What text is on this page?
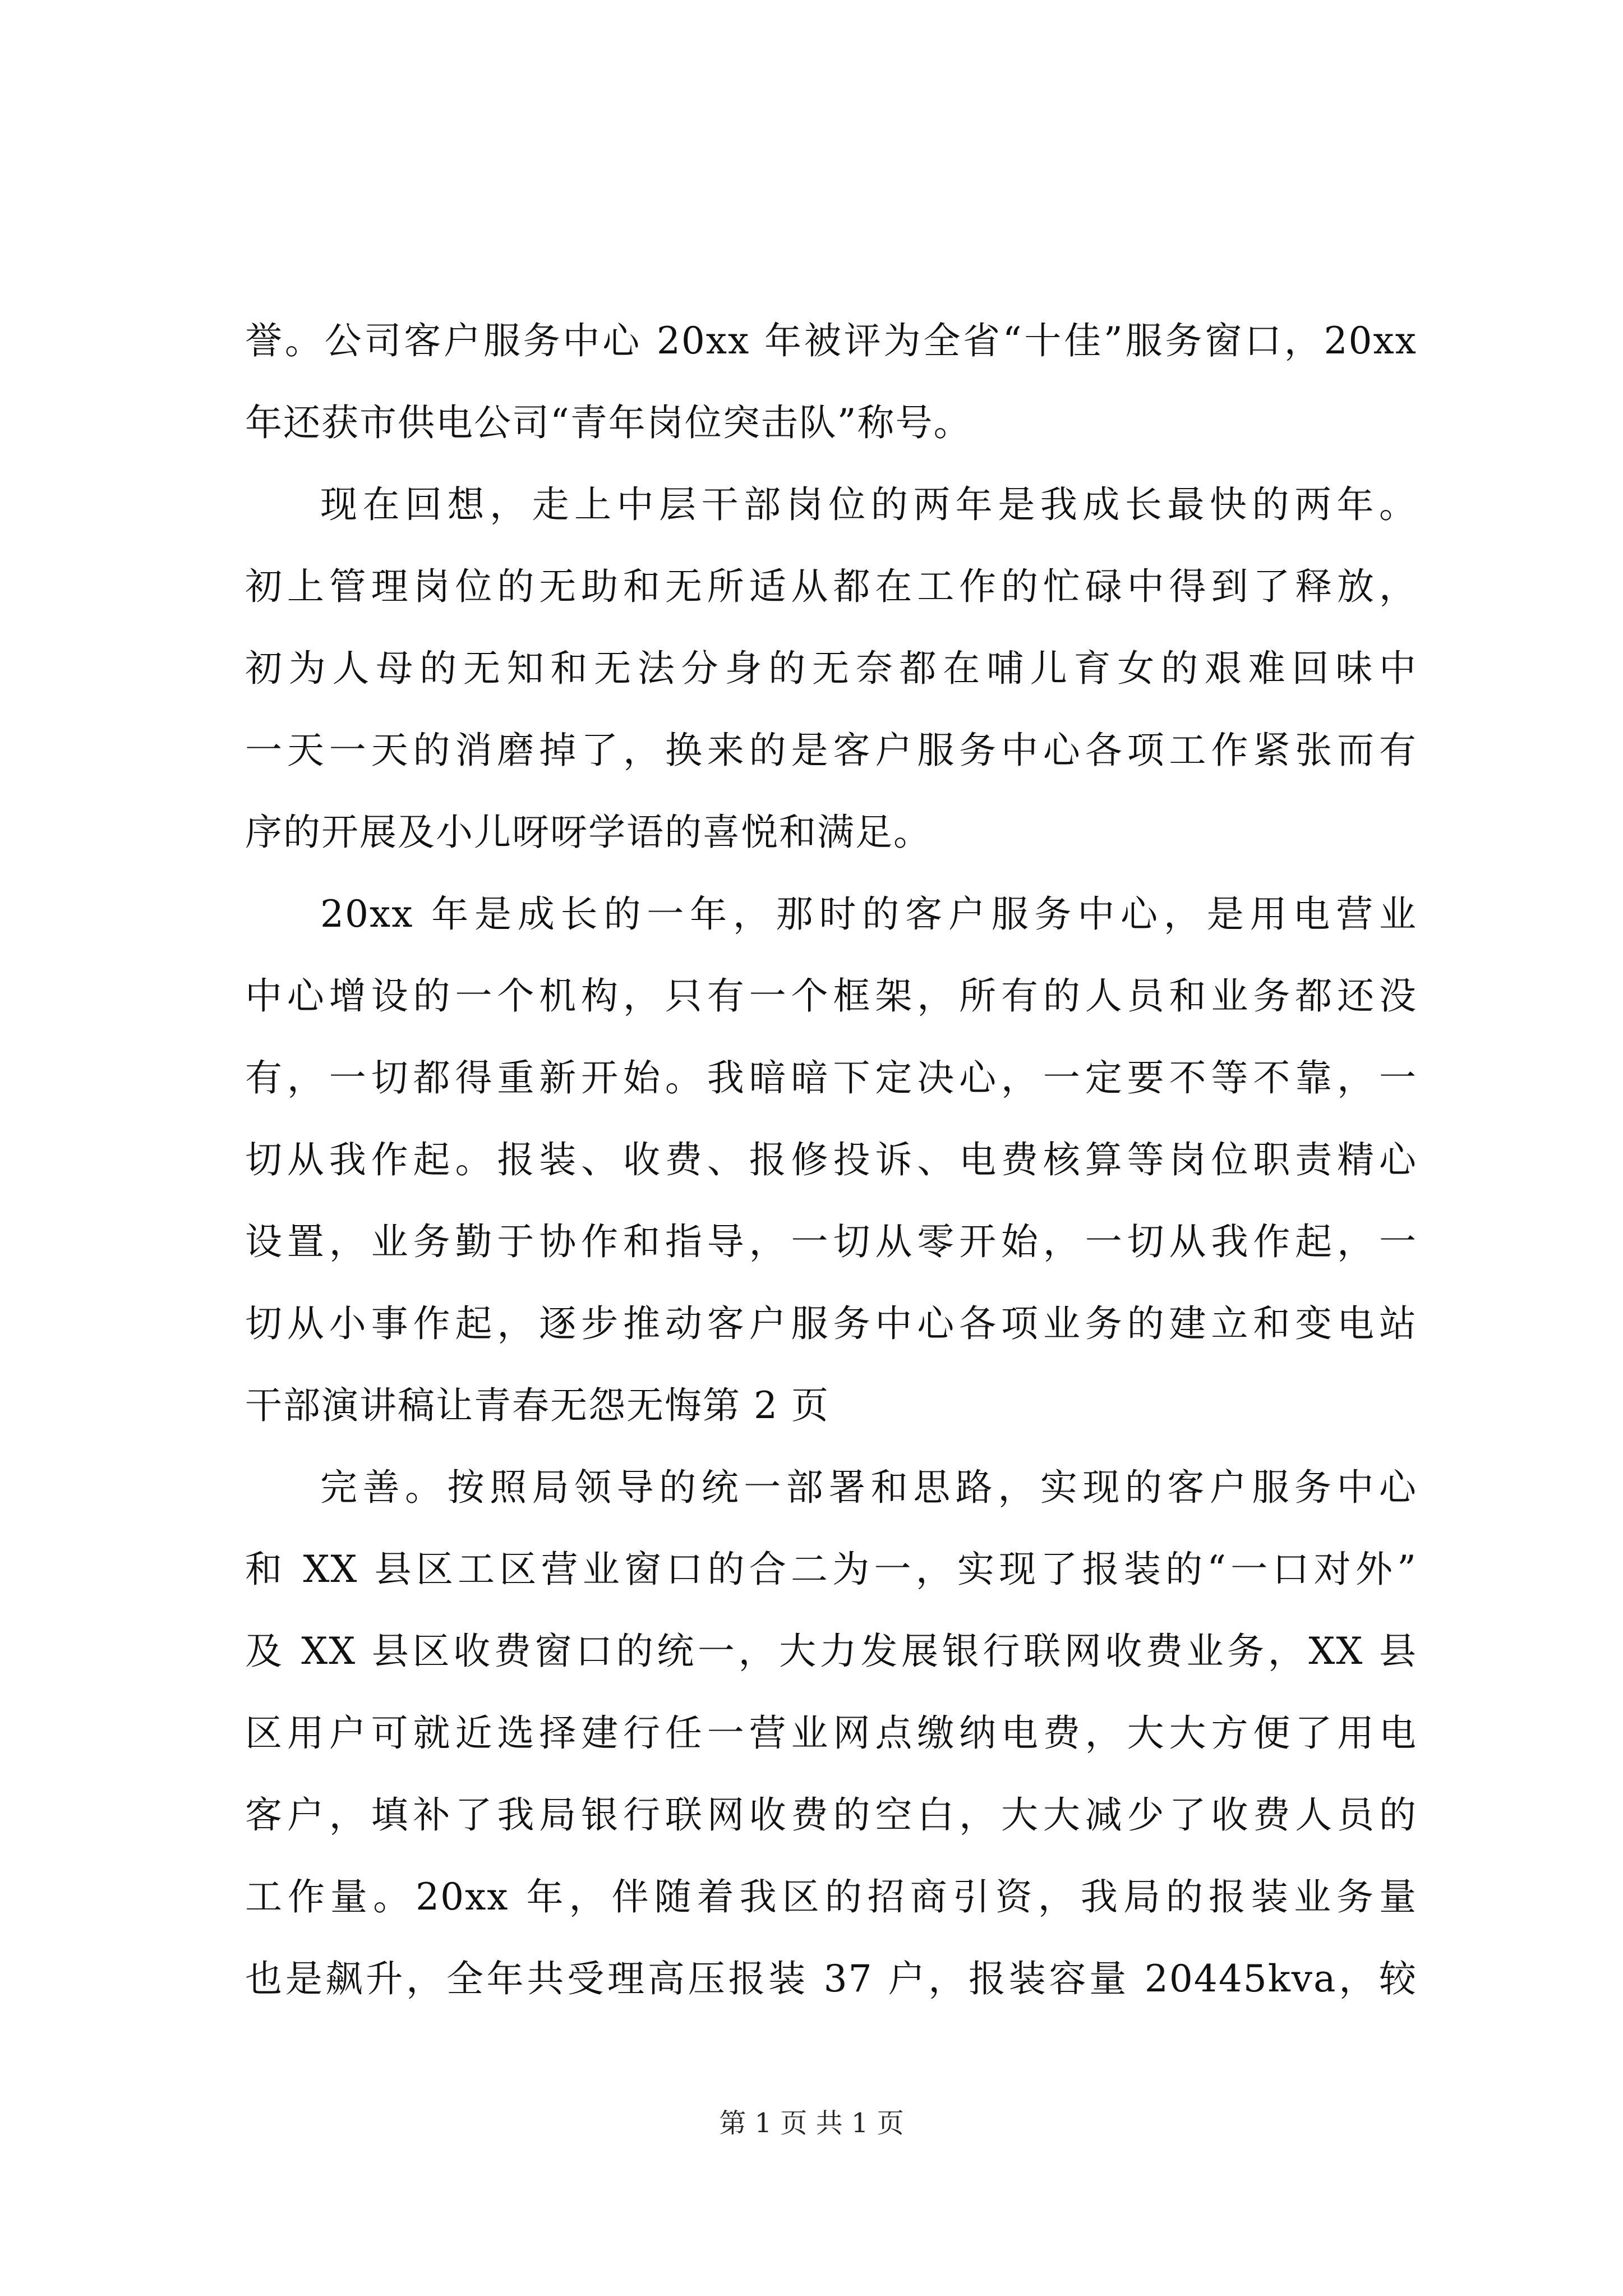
誉。公司客户服务中心 20xx 年被评为全省“十佳”服务窗口，20xx
年还获市供电公司“青年岗位突击队”称号。
现在回想，走上中层干部岗位的两年是我成长最快的两年。
初上管理岗位的无助和无所适从都在工作的忙碌中得到了释放，
初为人母的无知和无法分身的无奈都在哺儿育女的艰难回味中
一天一天的消磨掉了，换来的是客户服务中心各项工作紧张而有
序的开展及小儿呀呀学语的喜悦和满足。
20xx 年是成长的一年，那时的客户服务中心，是用电营业
中心增设的一个机构，只有一个框架，所有的人员和业务都还没
有，一切都得重新开始。我暗暗下定决心，一定要不等不靠，一
切从我作起。报装、收费、报修投诉、电费核算等岗位职责精心
设置，业务勤于协作和指导，一切从零开始，一切从我作起，一
切从小事作起，逐步推动客户服务中心各项业务的建立和变电站
干部演讲稿让青春无怨无悔第 2 页
完善。按照局领导的统一部署和思路，实现的客户服务中心
和 XX 县区工区营业窗口的合二为一，实现了报装的“一口对外”
及 XX 县区收费窗口的统一，大力发展银行联网收费业务，XX 县
区用户可就近选择建行任一营业网点缴纳电费，大大方便了用电
客户，填补了我局银行联网收费的空白，大大减少了收费人员的
工作量。20xx 年，伴随着我区的招商引资，我局的报装业务量
也是飙升，全年共受理高压报装 37 户，报装容量 20445kva，较
第 1 页 共 1 页
